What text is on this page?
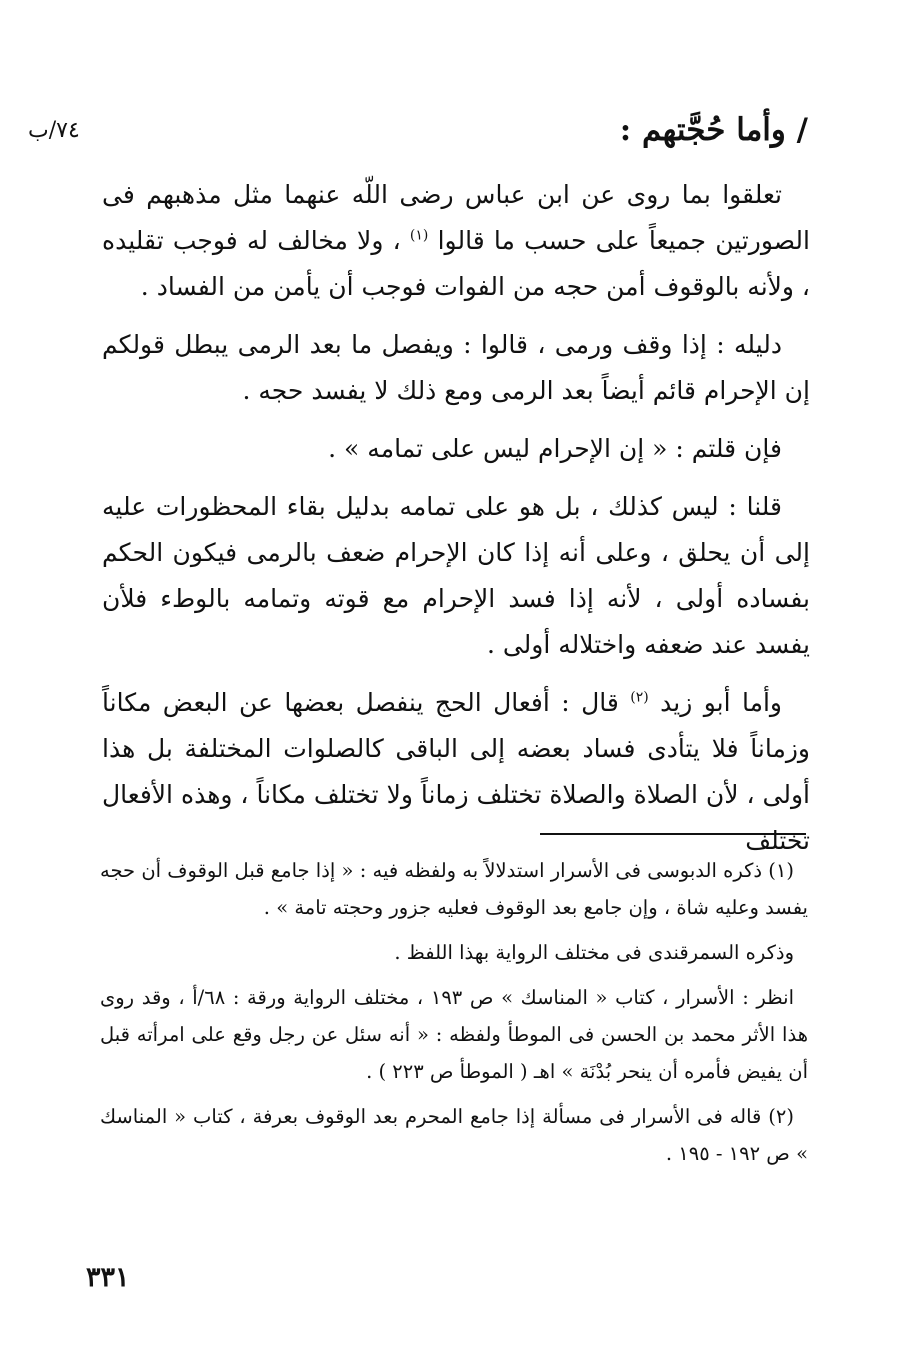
٧٤/ب	/ وأما حُجَّتهم :

تعلقوا بما روى عن ابن عباس رضى اللّه عنهما مثل مذهبهم فى الصورتين جميعاً على حسب ما قالوا $^{(١)}$ ، ولا مخالف له فوجب تقليده ، ولأنه بالوقوف أمن حجه من الفوات فوجب أن يأمن من الفساد .

دليله : إذا وقف ورمى ، قالوا : ويفصل ما بعد الرمى يبطل قولكم إن الإحرام قائم أيضاً بعد الرمى ومع ذلك لا يفسد حجه .

فإن قلتم : « إن الإحرام ليس على تمامه » .

قلنا : ليس كذلك ، بل هو على تمامه بدليل بقاء المحظورات عليه إلى أن يحلق ، وعلى أنه إذا كان الإحرام ضعف بالرمى فيكون الحكم بفساده أولى ، لأنه إذا فسد الإحرام مع قوته وتمامه بالوطء فلأن يفسد عند ضعفه واختلاله أولى .

وأما أبو زيد $^{(٢)}$ قال : أفعال الحج ينفصل بعضها عن البعض مكاناً وزماناً فلا يتأدى فساد بعضه إلى الباقى كالصلوات المختلفة بل هذا أولى ، لأن الصلاة والصلاة تختلف زماناً ولا تختلف مكاناً ، وهذه الأفعال تختلف

(١) ذكره الدبوسى فى الأسرار استدلالاً به ولفظه فيه : « إذا جامع قبل الوقوف أن حجه يفسد وعليه شاة ، وإن جامع بعد الوقوف فعليه جزور وحجته تامة » .

وذكره السمرقندى فى مختلف الرواية بهذا اللفظ .

انظر : الأسرار ، كتاب « المناسك » ص ١٩٣ ، مختلف الرواية ورقة : ٦٨/أ ، وقد روى هذا الأثر محمد بن الحسن فى الموطأ ولفظه : « أنه سئل عن رجل وقع على امرأته قبل أن يفيض فأمره أن ينحر بُدْنَة » اهـ ( الموطأ ص ٢٢٣ ) .

(٢) قاله فى الأسرار فى مسألة إذا جامع المحرم بعد الوقوف بعرفة ، كتاب « المناسك » ص ١٩٢ - ١٩٥ .

٣٣١
